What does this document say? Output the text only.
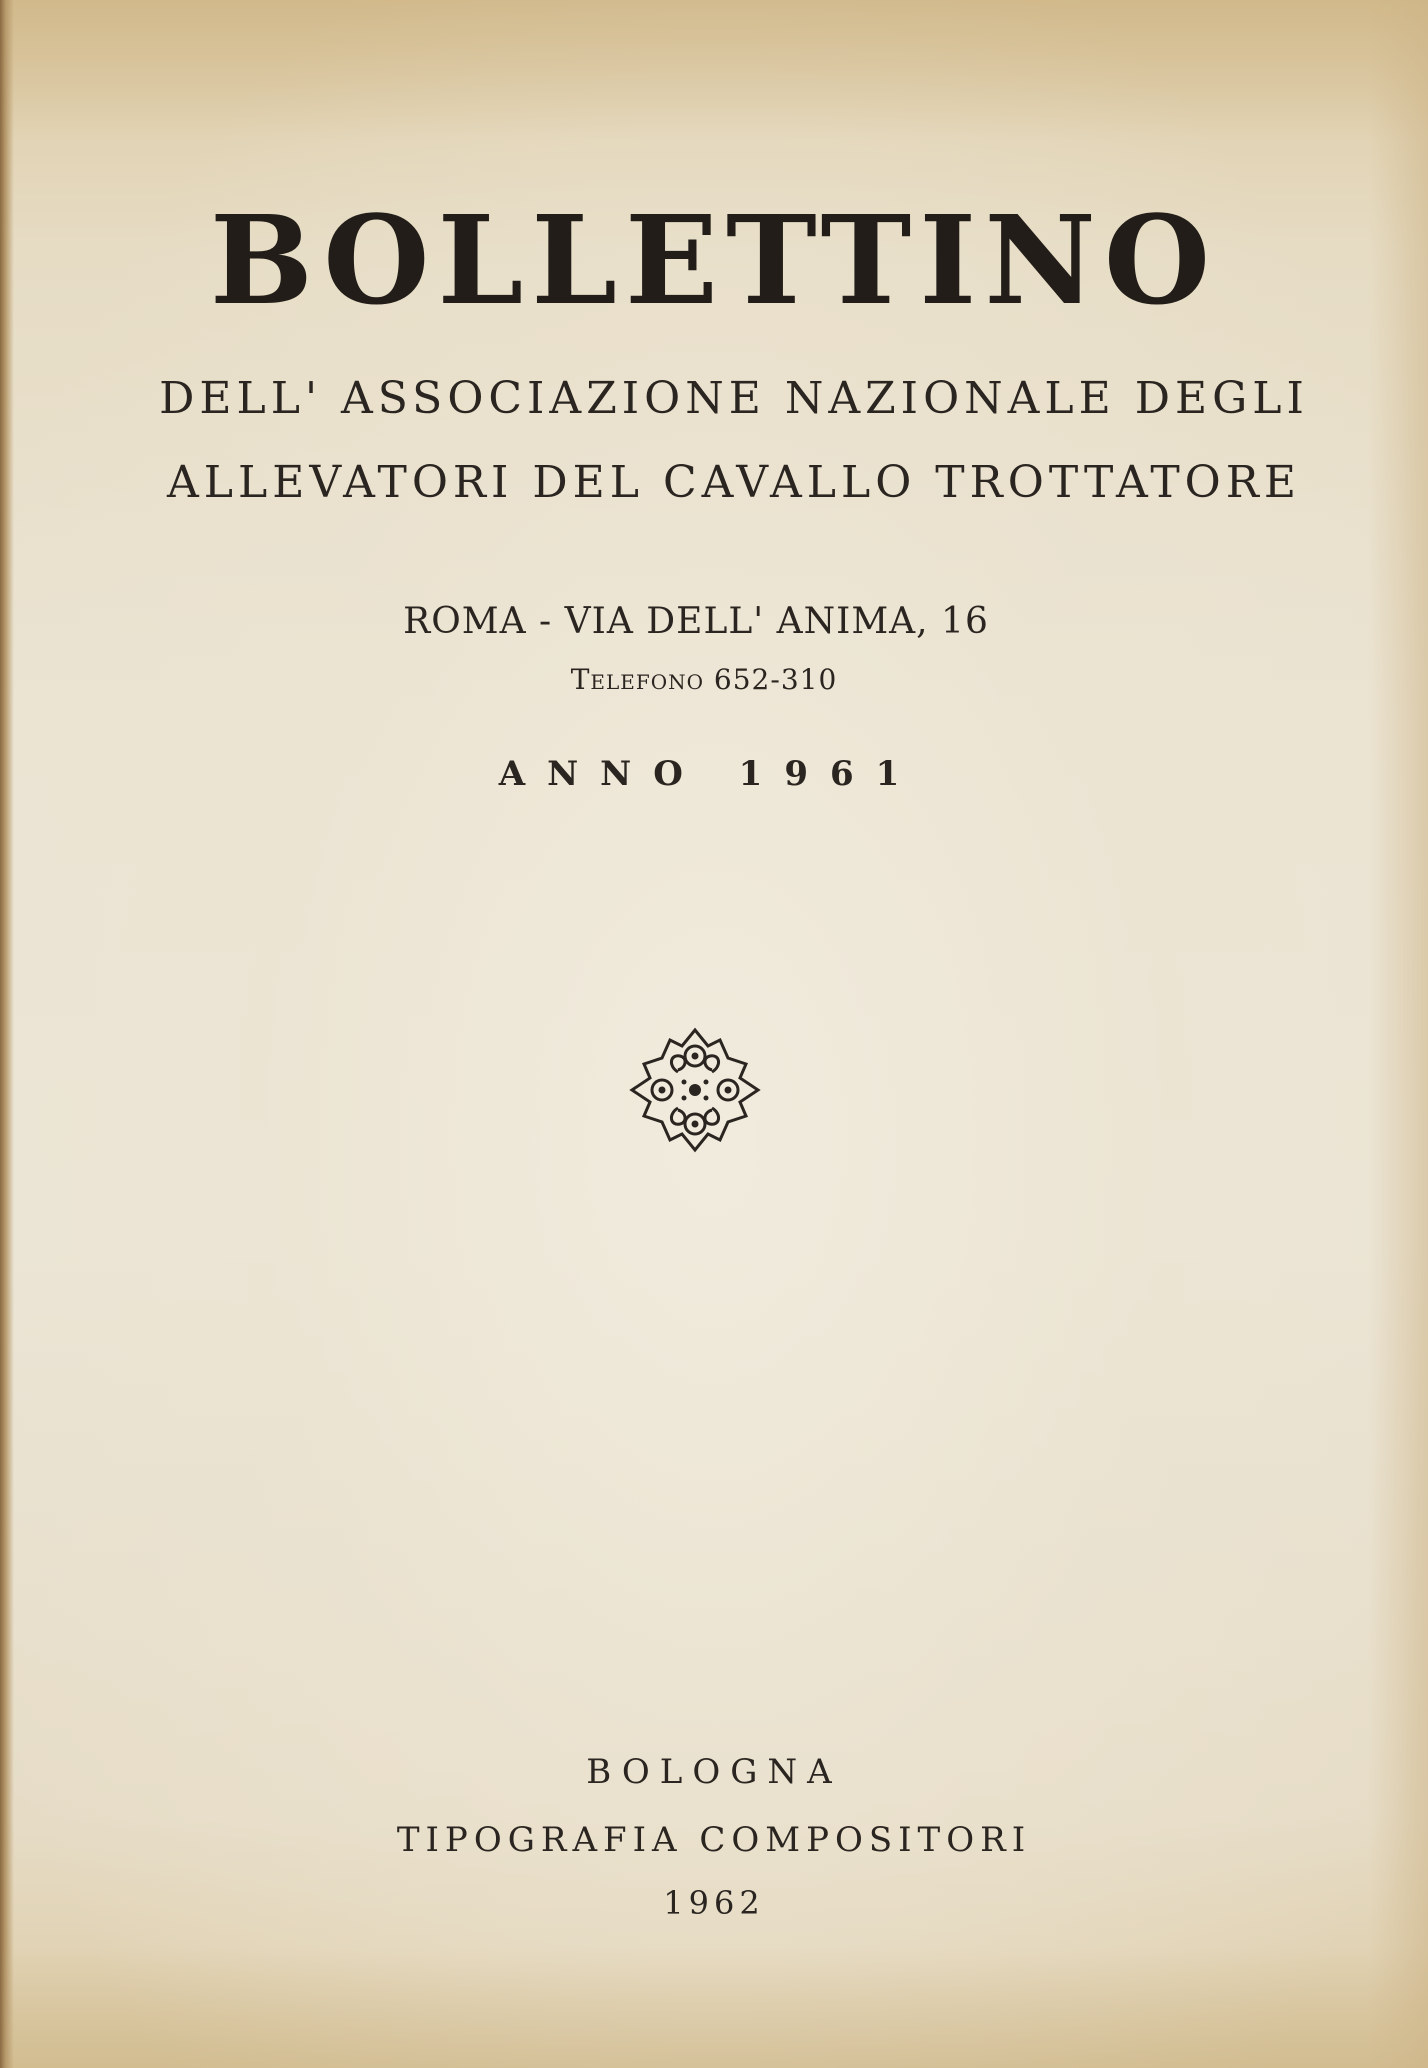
BOLLETTINO
DELL' ASSOCIAZIONE NAZIONALE DEGLI
ALLEVATORI DEL CAVALLO TROTTATORE
ROMA - VIA DELL' ANIMA, 16
Telefono 652-310
ANNO 1961
BOLOGNA
TIPOGRAFIA COMPOSITORI
1962
